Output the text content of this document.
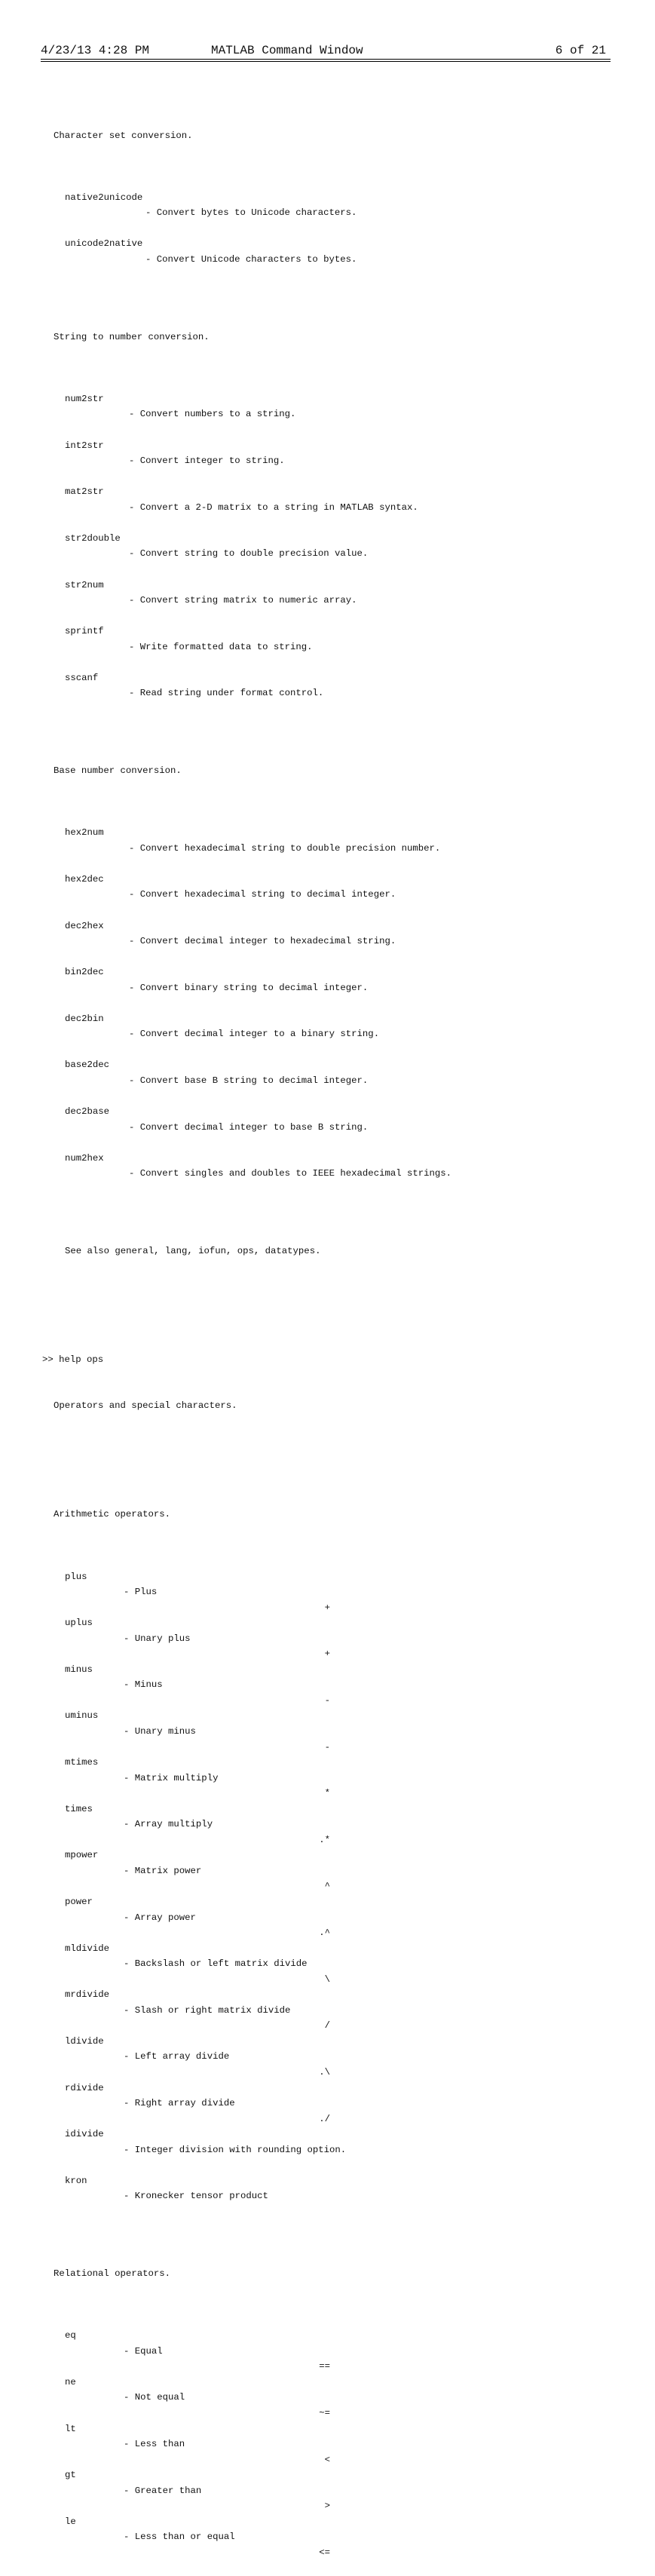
4/23/13 4:28 PM	MATLAB Command Window	6 of 21

Character set conversion.

native2unicode

- Convert bytes to Unicode characters.

unicode2native

- Convert Unicode characters to bytes.

String to number conversion.

num2str

- Convert numbers to a string.

int2str

- Convert integer to string.

mat2str

- Convert a 2-D matrix to a string in MATLAB syntax.

str2double

- Convert string to double precision value.

str2num

- Convert string matrix to numeric array.

sprintf

- Write formatted data to string.

sscanf

- Read string under format control.

Base number conversion.

hex2num

- Convert hexadecimal string to double precision number.

hex2dec

- Convert hexadecimal string to decimal integer.

dec2hex

- Convert decimal integer to hexadecimal string.

bin2dec

- Convert binary string to decimal integer.

dec2bin

- Convert decimal integer to a binary string.

base2dec

- Convert base B string to decimal integer.

dec2base

- Convert decimal integer to base B string.

num2hex

- Convert singles and doubles to IEEE hexadecimal strings.

See also general, lang, iofun, ops, datatypes.

>> help ops

Operators and special characters.

Arithmetic operators.

plus

- Plus

+

uplus

- Unary plus

+

minus

- Minus

-

uminus

- Unary minus

-

mtimes

- Matrix multiply

*

times

- Array multiply

.*

mpower

- Matrix power

^

power

- Array power

.^

mldivide

- Backslash or left matrix divide

\

mrdivide

- Slash or right matrix divide

/

ldivide

- Left array divide

.\

rdivide

- Right array divide

./

idivide

- Integer division with rounding option.

kron

- Kronecker tensor product

Relational operators.

eq

- Equal

==

ne

- Not equal

~=

lt

- Less than

<

gt

- Greater than

>

le

- Less than or equal

<=
